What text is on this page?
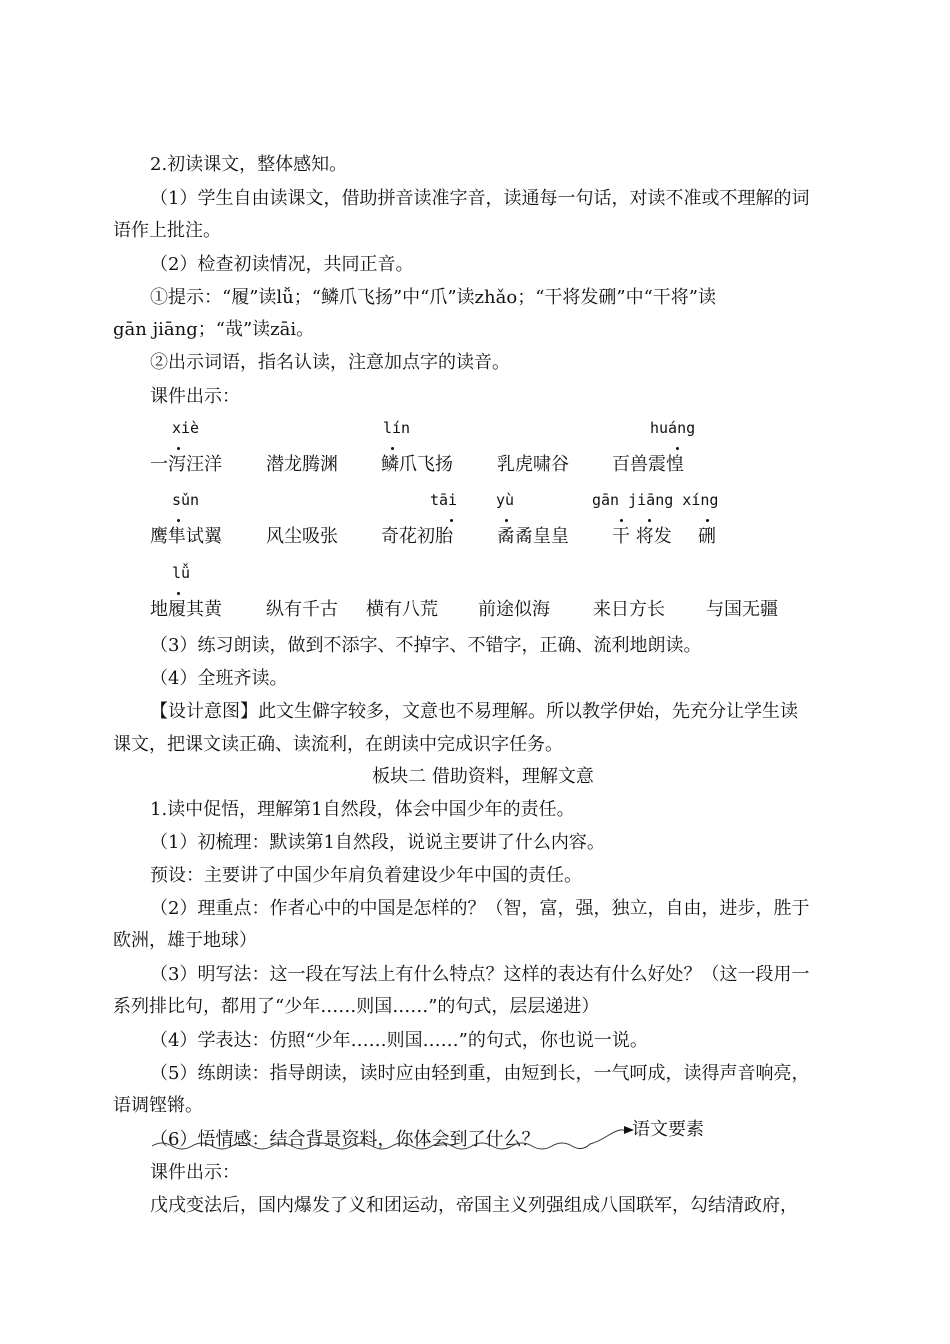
2.初读课文，整体感知。
（1）学生自由读课文，借助拼音读准字音，读通每一句话，对读不准或不理解的词
语作上批注。
（2）检查初读情况，共同正音。
①提示：“履”读lǚ；“鳞爪飞扬”中“爪”读zhǎo；“干将发硎”中“干将”读
gān jiāng；“哉”读zāi。
②出示词语，指名认读，注意加点字的读音。
课件出示：
xiè	lín	huáng
一泻汪洋 潜龙腾渊 鳞爪飞扬 乳虎啸谷 百兽震惶
sǔn	tāi	yù	gān jiāng xíng
鹰隼试翼 风尘吸张 奇花初胎 矞矞皇皇 干 将发 硎
lǚ
地履其黄 纵有千古 横有八荒 前途似海 来日方长 与国无疆
（3）练习朗读，做到不添字、不掉字、不错字，正确、流利地朗读。
（4）全班齐读。
【设计意图】此文生僻字较多，文意也不易理解。所以教学伊始，先充分让学生读
课文，把课文读正确、读流利，在朗读中完成识字任务。
板块二 借助资料，理解文意
1.读中促悟，理解第1自然段，体会中国少年的责任。
（1）初梳理：默读第1自然段，说说主要讲了什么内容。
预设：主要讲了中国少年肩负着建设少年中国的责任。
（2）理重点：作者心中的中国是怎样的？（智，富，强，独立，自由，进步，胜于
欧洲，雄于地球）
（3）明写法：这一段在写法上有什么特点？这样的表达有什么好处？（这一段用一
系列排比句，都用了“少年……则国……”的句式，层层递进）
（4）学表达：仿照“少年……则国……”的句式，你也说一说。
（5）练朗读：指导朗读，读时应由轻到重，由短到长，一气呵成，读得声音响亮，
语调铿锵。
（6）悟情感：结合背景资料，你体会到了什么？	语文要素
课件出示：
戊戌变法后，国内爆发了义和团运动，帝国主义列强组成八国联军，勾结清政府，
